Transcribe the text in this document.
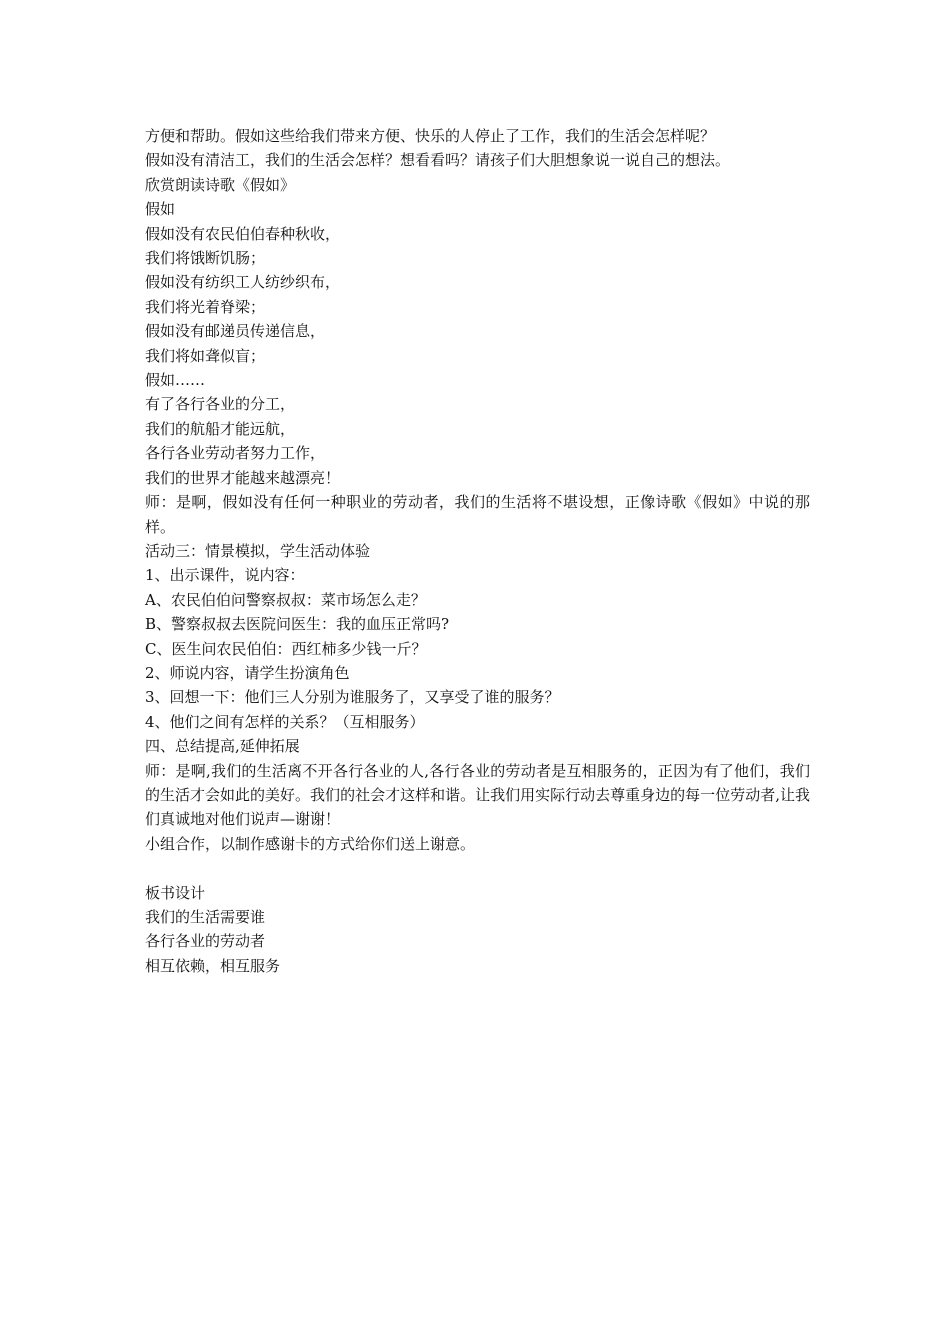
方便和帮助。假如这些给我们带来方便、快乐的人停止了工作，我们的生活会怎样呢？

假如没有清洁工，我们的生活会怎样？想看看吗？请孩子们大胆想象说一说自己的想法。

欣赏朗读诗歌《假如》

假如

假如没有农民伯伯春种秋收，

我们将饿断饥肠；

假如没有纺织工人纺纱织布，

我们将光着脊梁；

假如没有邮递员传递信息，

我们将如聋似盲；

假如……

有了各行各业的分工，

我们的航船才能远航，

各行各业劳动者努力工作，

我们的世界才能越来越漂亮！

师：是啊，假如没有任何一种职业的劳动者，我们的生活将不堪设想，正像诗歌《假如》中说的那样。

活动三：情景模拟，学生活动体验

1、出示课件，说内容：

A、农民伯伯问警察叔叔：菜市场怎么走？

B、警察叔叔去医院问医生：我的血压正常吗?

C、医生问农民伯伯：西红柿多少钱一斤？

2、师说内容，请学生扮演角色

3、回想一下：他们三人分别为谁服务了，又享受了谁的服务？

4、他们之间有怎样的关系？（互相服务）

四、总结提高,延伸拓展

师：是啊,我们的生活离不开各行各业的人,各行各业的劳动者是互相服务的，正因为有了他们，我们的生活才会如此的美好。我们的社会才这样和谐。让我们用实际行动去尊重身边的每一位劳动者,让我们真诚地对他们说声—谢谢！

小组合作，以制作感谢卡的方式给你们送上谢意。

板书设计

我们的生活需要谁

各行各业的劳动者

相互依赖，相互服务
